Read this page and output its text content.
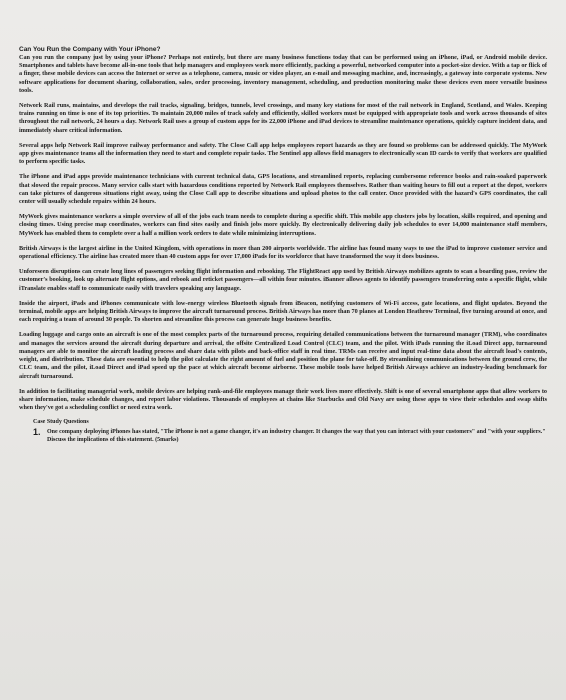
Can You Run the Company with Your iPhone?

Can you run the company just by using your iPhone? Perhaps not entirely, but there are many business functions today that can be performed using an iPhone, iPad, or Android mobile device. Smartphones and tablets have become all-in-one tools that help managers and employees work more efficiently, packing a powerful, networked computer into a pocket-size device. With a tap or flick of a finger, these mobile devices can access the Internet or serve as a telephone, camera, music or video player, an e-mail and messaging machine, and, increasingly, a gateway into corporate systems. New software applications for document sharing, collaboration, sales, order processing, inventory management, scheduling, and production monitoring make these devices even more versatile business tools.

Network Rail runs, maintains, and develops the rail tracks, signaling, bridges, tunnels, level crossings, and many key stations for most of the rail network in England, Scotland, and Wales. Keeping trains running on time is one of its top priorities. To maintain 20,000 miles of track safely and efficiently, skilled workers must be equipped with appropriate tools and work across thousands of sites throughout the rail network, 24 hours a day. Network Rail uses a group of custom apps for its 22,000 iPhone and iPad devices to streamline maintenance operations, quickly capture incident data, and immediately share critical information.

Several apps help Network Rail improve railway performance and safety. The Close Call app helps employees report hazards as they are found so problems can be addressed quickly. The MyWork app gives maintenance teams all the information they need to start and complete repair tasks. The Sentinel app allows field managers to electronically scan ID cards to verify that workers are qualified to perform specific tasks.

The iPhone and iPad apps provide maintenance technicians with current technical data, GPS locations, and streamlined reports, replacing cumbersome reference books and rain-soaked paperwork that slowed the repair process. Many service calls start with hazardous conditions reported by Network Rail employees themselves. Rather than waiting hours to fill out a report at the depot, workers can take pictures of dangerous situations right away, using the Close Call app to describe situations and upload photos to the call center. Once provided with the hazard's GPS coordinates, the call center will usually schedule repairs within 24 hours.

MyWork gives maintenance workers a simple overview of all of the jobs each team needs to complete during a specific shift. This mobile app clusters jobs by location, skills required, and opening and closing times. Using precise map coordinates, workers can find sites easily and finish jobs more quickly. By electronically delivering daily job schedules to over 14,000 maintenance staff members, MyWork has enabled them to complete over a half a million work orders to date while minimizing interruptions.

British Airways is the largest airline in the United Kingdom, with operations in more than 200 airports worldwide. The airline has found many ways to use the iPad to improve customer service and operational efficiency. The airline has created more than 40 custom apps for over 17,000 iPads for its workforce that have transformed the way it does business.

Unforeseen disruptions can create long lines of passengers seeking flight information and rebooking. The FlightReact app used by British Airways mobilizes agents to scan a boarding pass, review the customer's booking, look up alternate flight options, and rebook and reticket passengers—all within four minutes. iBanner allows agents to identify passengers transferring onto a specific flight, while iTranslate enables staff to communicate easily with travelers speaking any language.

Inside the airport, iPads and iPhones communicate with low-energy wireless Bluetooth signals from iBeacon, notifying customers of Wi-Fi access, gate locations, and flight updates. Beyond the terminal, mobile apps are helping British Airways to improve the aircraft turnaround process. British Airways has more than 70 planes at London Heathrow Terminal, five turning around at once, and each requiring a team of around 30 people. To shorten and streamline this process can generate huge business benefits.

Loading luggage and cargo onto an aircraft is one of the most complex parts of the turnaround process, requiring detailed communications between the turnaround manager (TRM), who coordinates and manages the services around the aircraft during departure and arrival, the offsite Centralized Load Control (CLC) team, and the pilot. With iPads running the iLoad Direct app, turnaround managers are able to monitor the aircraft loading process and share data with pilots and back-office staff in real time. TRMs can receive and input real-time data about the aircraft load's contents, weight, and distribution. These data are essential to help the pilot calculate the right amount of fuel and position the plane for take-off. By streamlining communications between the ground crew, the CLC team, and the pilot, iLoad Direct and iPad speed up the pace at which aircraft become airborne. These mobile tools have helped British Airways achieve an industry-leading benchmark for aircraft turnaround.

In addition to facilitating managerial work, mobile devices are helping rank-and-file employees manage their work lives more effectively. Shift is one of several smartphone apps that allow workers to share information, make schedule changes, and report labor violations. Thousands of employees at chains like Starbucks and Old Navy are using these apps to view their schedules and swap shifts when they've got a scheduling conflict or need extra work.

Case Study Questions
1.	One company deploying iPhones has stated, "The iPhone is not a game changer, it's an industry changer. It changes the way that you can interact with your customers" and "with your suppliers." Discuss the implications of this statement. (5marks)
